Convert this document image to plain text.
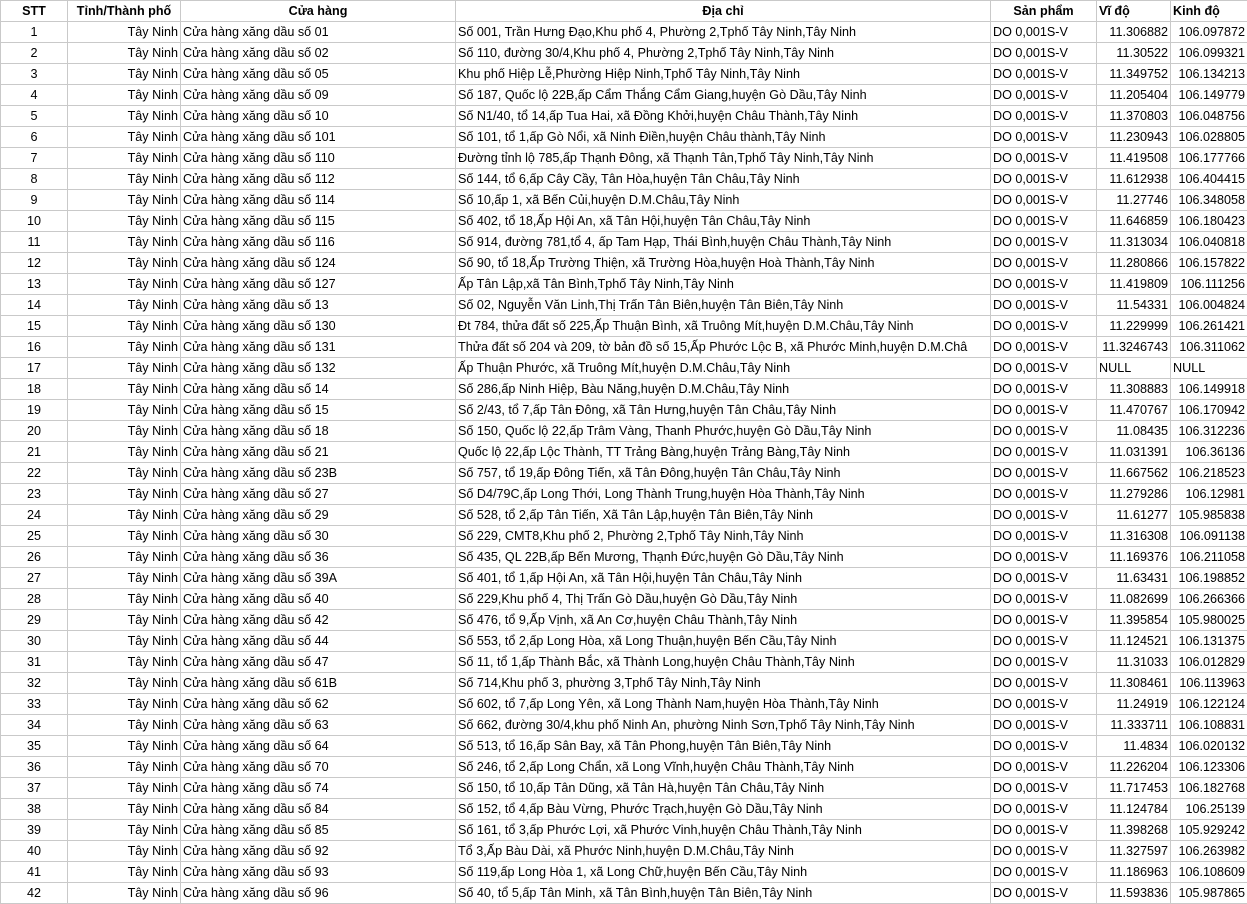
STT	Tỉnh/Thành phố	Cửa hàng	Địa chỉ	Sản phẩm	Vĩ độ	Kinh độ
1	Tây Ninh	Cửa hàng xăng dầu số 01	Số 001, Trần Hưng Đạo,Khu phố 4, Phường 2,Tphố Tây Ninh,Tây Ninh	DO 0,001S-V	11.306882	106.097872
2	Tây Ninh	Cửa hàng xăng dầu số 02	Số 110, đường 30/4,Khu phố 4, Phường 2,Tphố Tây Ninh,Tây Ninh	DO 0,001S-V	11.30522	106.099321
3	Tây Ninh	Cửa hàng xăng dầu số 05	Khu phố Hiệp Lễ,Phường Hiệp Ninh,Tphố Tây Ninh,Tây Ninh	DO 0,001S-V	11.349752	106.134213
4	Tây Ninh	Cửa hàng xăng dầu số 09	Số 187, Quốc lộ 22B,ấp Cẩm Thắng Cẩm Giang,huyện Gò Dầu,Tây Ninh	DO 0,001S-V	11.205404	106.149779
5	Tây Ninh	Cửa hàng xăng dầu số 10	Số N1/40, tổ 14,ấp Tua Hai, xã Đồng Khởi,huyện Châu Thành,Tây Ninh	DO 0,001S-V	11.370803	106.048756
6	Tây Ninh	Cửa hàng xăng dầu số 101	Số 101, tổ 1,ấp Gò Nổi, xã Ninh Điền,huyện Châu thành,Tây Ninh	DO 0,001S-V	11.230943	106.028805
7	Tây Ninh	Cửa hàng xăng dầu số 110	Đường tỉnh lộ 785,ấp Thạnh Đông, xã Thạnh Tân,Tphố Tây Ninh,Tây Ninh	DO 0,001S-V	11.419508	106.177766
8	Tây Ninh	Cửa hàng xăng dầu số 112	Số 144, tổ 6,ấp Cây Cầy, Tân Hòa,huyện Tân Châu,Tây Ninh	DO 0,001S-V	11.612938	106.404415
9	Tây Ninh	Cửa hàng xăng dầu số 114	Số 10,ấp 1, xã Bến Củi,huyện D.M.Châu,Tây Ninh	DO 0,001S-V	11.27746	106.348058
10	Tây Ninh	Cửa hàng xăng dầu số 115	Số 402, tổ 18,Ấp Hội An, xã Tân Hội,huyện Tân Châu,Tây Ninh	DO 0,001S-V	11.646859	106.180423
11	Tây Ninh	Cửa hàng xăng dầu số 116	Số 914, đường 781,tổ 4, ấp Tam Hạp, Thái Bình,huyện Châu Thành,Tây Ninh	DO 0,001S-V	11.313034	106.040818
12	Tây Ninh	Cửa hàng xăng dầu số 124	Số 90, tổ 18,Ấp Trường Thiện, xã Trường Hòa,huyện Hoà Thành,Tây Ninh	DO 0,001S-V	11.280866	106.157822
13	Tây Ninh	Cửa hàng xăng dầu số 127	Ấp Tân Lập,xã Tân Bình,Tphố Tây Ninh,Tây Ninh	DO 0,001S-V	11.419809	106.111256
14	Tây Ninh	Cửa hàng xăng dầu số 13	Số 02, Nguyễn Văn Linh,Thị Trấn Tân Biên,huyện Tân Biên,Tây Ninh	DO 0,001S-V	11.54331	106.004824
15	Tây Ninh	Cửa hàng xăng dầu số 130	Đt 784, thửa đất số 225,Ấp Thuận Bình, xã Truông Mít,huyện D.M.Châu,Tây Ninh	DO 0,001S-V	11.229999	106.261421
16	Tây Ninh	Cửa hàng xăng dầu số 131	Thửa đất số 204 và 209, tờ bản đồ số 15,Ấp Phước Lộc B, xã Phước Minh,huyện D.M.Châ	DO 0,001S-V	11.3246743	106.311062
17	Tây Ninh	Cửa hàng xăng dầu số 132	Ấp Thuận Phước, xã Truông Mít,huyện D.M.Châu,Tây Ninh	DO 0,001S-V	NULL	NULL
18	Tây Ninh	Cửa hàng xăng dầu số 14	Số 286,ấp Ninh Hiệp, Bàu Năng,huyện D.M.Châu,Tây Ninh	DO 0,001S-V	11.308883	106.149918
19	Tây Ninh	Cửa hàng xăng dầu số 15	Số 2/43, tổ 7,ấp Tân Đông, xã Tân Hưng,huyện Tân Châu,Tây Ninh	DO 0,001S-V	11.470767	106.170942
20	Tây Ninh	Cửa hàng xăng dầu số 18	Số 150, Quốc lộ 22,ấp Trâm Vàng, Thanh Phước,huyện Gò Dầu,Tây Ninh	DO 0,001S-V	11.08435	106.312236
21	Tây Ninh	Cửa hàng xăng dầu số 21	Quốc lộ 22,ấp Lộc Thành, TT Trảng Bàng,huyện Trảng Bàng,Tây Ninh	DO 0,001S-V	11.031391	106.36136
22	Tây Ninh	Cửa hàng xăng dầu số 23B	Số 757, tổ 19,ấp Đông Tiến, xã Tân Đông,huyện Tân Châu,Tây Ninh	DO 0,001S-V	11.667562	106.218523
23	Tây Ninh	Cửa hàng xăng dầu số 27	Số D4/79C,ấp Long Thới, Long Thành Trung,huyện Hòa Thành,Tây Ninh	DO 0,001S-V	11.279286	106.12981
24	Tây Ninh	Cửa hàng xăng dầu số 29	Số 528, tổ 2,ấp Tân Tiến, Xã Tân Lập,huyện Tân Biên,Tây Ninh	DO 0,001S-V	11.61277	105.985838
25	Tây Ninh	Cửa hàng xăng dầu số 30	Số 229, CMT8,Khu phố 2, Phường 2,Tphố Tây Ninh,Tây Ninh	DO 0,001S-V	11.316308	106.091138
26	Tây Ninh	Cửa hàng xăng dầu số 36	Số 435, QL 22B,ấp Bến Mương, Thạnh Đức,huyện Gò Dầu,Tây Ninh	DO 0,001S-V	11.169376	106.211058
27	Tây Ninh	Cửa hàng xăng dầu số 39A	Số 401, tổ 1,ấp Hội An, xã Tân Hội,huyện Tân Châu,Tây Ninh	DO 0,001S-V	11.63431	106.198852
28	Tây Ninh	Cửa hàng xăng dầu số 40	Số 229,Khu phố 4, Thị Trấn Gò Dầu,huyện Gò Dầu,Tây Ninh	DO 0,001S-V	11.082699	106.266366
29	Tây Ninh	Cửa hàng xăng dầu số 42	Số 476, tổ 9,Ấp Vịnh, xã An Cơ,huyện Châu Thành,Tây Ninh	DO 0,001S-V	11.395854	105.980025
30	Tây Ninh	Cửa hàng xăng dầu số 44	Số 553, tổ 2,ấp Long Hòa, xã Long Thuận,huyện Bến Cầu,Tây Ninh	DO 0,001S-V	11.124521	106.131375
31	Tây Ninh	Cửa hàng xăng dầu số 47	Số 11, tổ 1,ấp Thành Bắc, xã Thành Long,huyện Châu Thành,Tây Ninh	DO 0,001S-V	11.31033	106.012829
32	Tây Ninh	Cửa hàng xăng dầu số 61B	Số 714,Khu phố 3, phường 3,Tphố Tây Ninh,Tây Ninh	DO 0,001S-V	11.308461	106.113963
33	Tây Ninh	Cửa hàng xăng dầu số 62	Số 602, tổ 7,ấp Long Yên, xã Long Thành Nam,huyện Hòa Thành,Tây Ninh	DO 0,001S-V	11.24919	106.122124
34	Tây Ninh	Cửa hàng xăng dầu số 63	Số 662, đường 30/4,khu phố Ninh An, phường Ninh Sơn,Tphố Tây Ninh,Tây Ninh	DO 0,001S-V	11.333711	106.108831
35	Tây Ninh	Cửa hàng xăng dầu số 64	Số 513, tổ 16,ấp Sân Bay, xã Tân Phong,huyện Tân Biên,Tây Ninh	DO 0,001S-V	11.4834	106.020132
36	Tây Ninh	Cửa hàng xăng dầu số 70	Số 246, tổ 2,ấp Long Chẩn, xã Long Vĩnh,huyện Châu Thành,Tây Ninh	DO 0,001S-V	11.226204	106.123306
37	Tây Ninh	Cửa hàng xăng dầu số 74	Số 150, tổ 10,ấp Tân Dũng, xã Tân Hà,huyện Tân Châu,Tây Ninh	DO 0,001S-V	11.717453	106.182768
38	Tây Ninh	Cửa hàng xăng dầu số 84	Số 152, tổ 4,ấp Bàu Vừng, Phước Trạch,huyện Gò Dầu,Tây Ninh	DO 0,001S-V	11.124784	106.25139
39	Tây Ninh	Cửa hàng xăng dầu số 85	Số 161, tổ 3,ấp Phước Lợi, xã Phước Vinh,huyện Châu Thành,Tây Ninh	DO 0,001S-V	11.398268	105.929242
40	Tây Ninh	Cửa hàng xăng dầu số 92	Tổ 3,Ấp Bàu Dài, xã Phước Ninh,huyện D.M.Châu,Tây Ninh	DO 0,001S-V	11.327597	106.263982
41	Tây Ninh	Cửa hàng xăng dầu số 93	Số 119,ấp Long Hòa 1, xã Long Chữ,huyện Bến Cầu,Tây Ninh	DO 0,001S-V	11.186963	106.108609
42	Tây Ninh	Cửa hàng xăng dầu số 96	Số 40, tổ 5,ấp Tân Minh, xã Tân Bình,huyện Tân Biên,Tây Ninh	DO 0,001S-V	11.593836	105.987865
